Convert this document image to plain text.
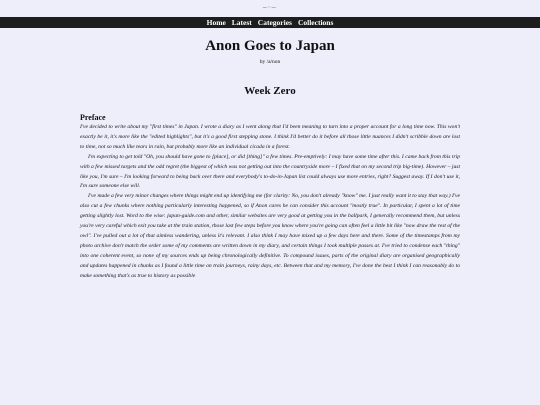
~ᵕ~
Home Latest Categories Collections
Anon Goes to Japan
by /a/non
Week Zero
Preface

I've decided to write about my "first times" in Japan. I wrote a diary as I went along that I'd been meaning to turn into a proper account for a long time now. This won't exactly be it, it's more like the "edited highlights", but it's a good first stepping stone. I think I'd better do it before all those little nuances I didn't scribble down are lost to time, not so much like tears in rain, but probably more like an individual cicada in a forest.

I'm expecting to get told "Oh, you should have gone to [place], or did [thing]" a few times. Pre-emptively: I may have some time after this. I came back from this trip with a few missed targets and the odd regret (the biggest of which was not getting out into the countryside more – I fixed that on my second trip big-time). However – just like you, I'm sure – I'm looking forward to being back over there and everybody's to-do-in-Japan list could always use more entries, right? Suggest away. If I don't use it, I'm sure someone else will.

I've made a few very minor changes where things might end up identifying me (for clarity: No, you don't already "know" me. I just really want it to stay that way.) I've also cut a few chunks where nothing particularly interesting happened, so if Anon cares he can consider this account "mostly true". In particular, I spent a lot of time getting slightly lost. Word to the wise: japan-guide.com and other, similar websites are very good at getting you in the ballpark, I generally recommend them, but unless you're very careful which exit you take at the train station, those last few steps before you know where you're going can often feel a little bit like "now draw the rest of the owl". I've pulled out a lot of that aimless wandering, unless it's relevant. I also think I may have mixed up a few days here and there. Some of the timestamps from my photo archive don't match the order some of my comments are written down in my diary, and certain things I took multiple passes at. I've tried to condense each "thing" into one coherent event, so none of my sources ends up being chronologically definitive. To compound issues, parts of the original diary are organised geographically and updates happened in chunks as I found a little time on train journeys, rainy days, etc. Between that and my memory, I've done the best I think I can reasonably do to make something that's as true to history as possible
